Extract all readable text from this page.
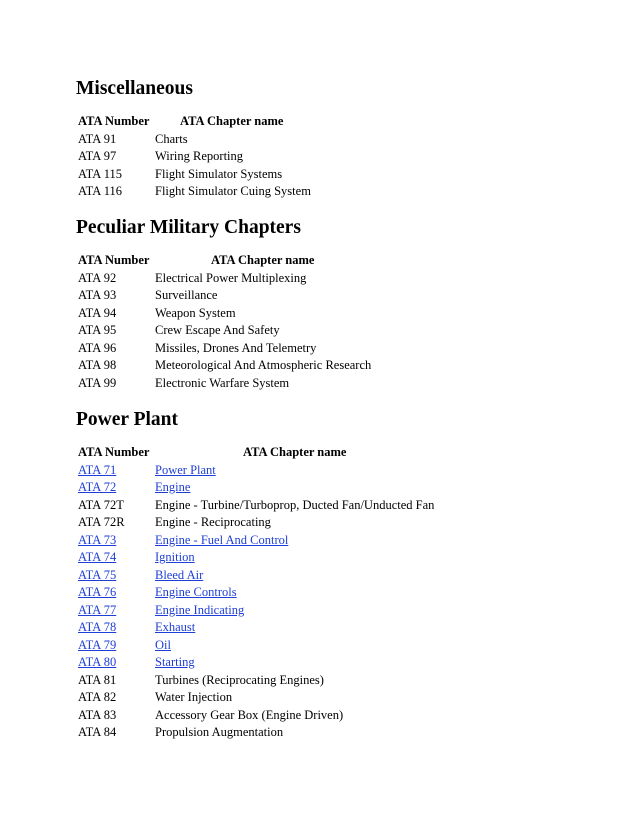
Miscellaneous
ATA Number	ATA Chapter name
ATA 91	Charts
ATA 97	Wiring Reporting
ATA 115	Flight Simulator Systems
ATA 116	Flight Simulator Cuing System
Peculiar Military Chapters
ATA Number	ATA Chapter name
ATA 92	Electrical Power Multiplexing
ATA 93	Surveillance
ATA 94	Weapon System
ATA 95	Crew Escape And Safety
ATA 96	Missiles, Drones And Telemetry
ATA 98	Meteorological And Atmospheric Research
ATA 99	Electronic Warfare System
Power Plant
ATA Number	ATA Chapter name
ATA 71	Power Plant
ATA 72	Engine
ATA 72T	Engine - Turbine/Turboprop, Ducted Fan/Unducted Fan
ATA 72R	Engine - Reciprocating
ATA 73	Engine - Fuel And Control
ATA 74	Ignition
ATA 75	Bleed Air
ATA 76	Engine Controls
ATA 77	Engine Indicating
ATA 78	Exhaust
ATA 79	Oil
ATA 80	Starting
ATA 81	Turbines (Reciprocating Engines)
ATA 82	Water Injection
ATA 83	Accessory Gear Box (Engine Driven)
ATA 84	Propulsion Augmentation
